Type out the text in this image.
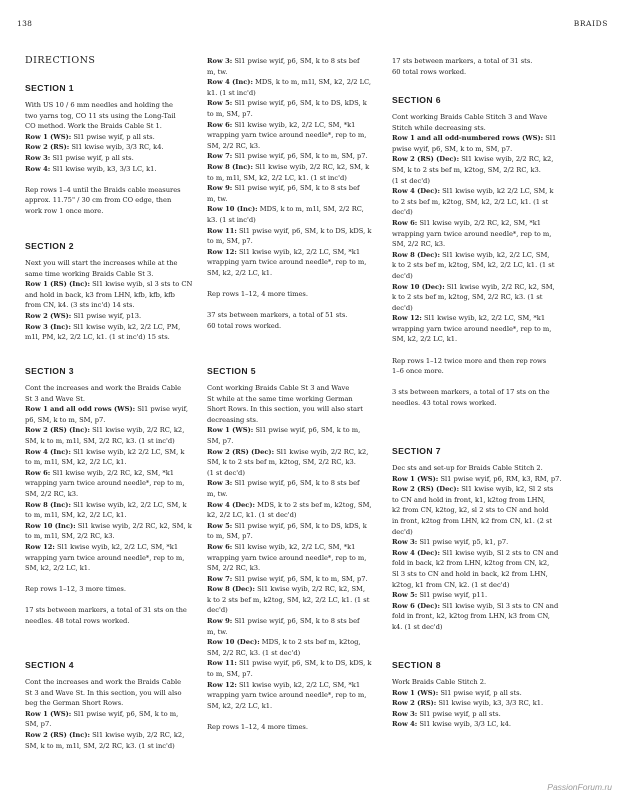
138	BRAIDS
DIRECTIONS
SECTION 1
With US 10 / 6 mm needles and holding the
two yarns tog, CO 11 sts using the Long-Tail
CO method. Work the Braids Cable St 1.
Row 1 (WS): Sl1 pwise wyif, p all sts.
Row 2 (RS): Sl1 kwise wyib, 3/3 RC, k4.
Row 3: Sl1 pwise wyif, p all sts.
Row 4: Sl1 kwise wyib, k3, 3/3 LC, k1.
Rep rows 1–4 until the Braids cable measures
approx. 11.75" / 30 cm from CO edge, then
work row 1 once more.
SECTION 2
Next you will start the increases while at the
same time working Braids Cable St 3.
Row 1 (RS) (Inc): Sl1 kwise wyib, sl 3 sts to CN
and hold in back, k3 from LHN, kfb, kfb, kfb
from CN, k4. (3 sts inc'd) 14 sts.
Row 2 (WS): Sl1 pwise wyif, p13.
Row 3 (Inc): Sl1 kwise wyib, k2, 2/2 LC, PM,
m1l, PM, k2, 2/2 LC, k1. (1 st inc'd) 15 sts.
SECTION 3
Cont the increases and work the Braids Cable
St 3 and Wave St.
Row 1 and all odd rows (WS): Sl1 pwise wyif,
p6, SM, k to m, SM, p7.
Row 2 (RS) (Inc): Sl1 kwise wyib, 2/2 RC, k2,
SM, k to m, m1l, SM, 2/2 RC, k3. (1 st inc'd)
Row 4 (Inc): Sl1 kwise wyib, k2 2/2 LC, SM, k
to m, m1l, SM, k2, 2/2 LC, k1.
Row 6: Sl1 kwise wyib, 2/2 RC, k2, SM, *k1
wrapping yarn twice around needle*, rep to m,
SM, 2/2 RC, k3.
Row 8 (Inc): Sl1 kwise wyib, k2, 2/2 LC, SM, k
to m, m1l, SM, k2, 2/2 LC, k1.
Row 10 (Inc): Sl1 kwise wyib, 2/2 RC, k2, SM, k
to m, m1l, SM, 2/2 RC, k3.
Row 12: Sl1 kwise wyib, k2, 2/2 LC, SM, *k1
wrapping yarn twice around needle*, rep to m,
SM, k2, 2/2 LC, k1.
Rep rows 1–12, 3 more times.
17 sts between markers, a total of 31 sts on the
needles. 48 total rows worked.
SECTION 4
Cont the increases and work the Braids Cable
St 3 and Wave St. In this section, you will also
beg the German Short Rows.
Row 1 (WS): Sl1 pwise wyif, p6, SM, k to m,
SM, p7.
Row 2 (RS) (Inc): Sl1 kwise wyib, 2/2 RC, k2,
SM, k to m, m1l, SM, 2/2 RC, k3. (1 st inc'd)
Row 3: Sl1 pwise wyif, p6, SM, k to 8 sts bef
m, tw.
Row 4 (Inc): MDS, k to m, m1l, SM, k2, 2/2 LC,
k1. (1 st inc'd)
Row 5: Sl1 pwise wyif, p6, SM, k to DS, kDS, k
to m, SM, p7.
Row 6: Sl1 kwise wyib, k2, 2/2 LC, SM, *k1
wrapping yarn twice around needle*, rep to m,
SM, 2/2 RC, k3.
Row 7: Sl1 pwise wyif, p6, SM, k to m, SM, p7.
Row 8 (Inc): Sl1 kwise wyib, 2/2 RC, k2, SM, k
to m, m1l, SM, k2, 2/2 LC, k1. (1 st inc'd)
Row 9: Sl1 pwise wyif, p6, SM, k to 8 sts bef
m, tw.
Row 10 (Inc): MDS, k to m, m1l, SM, 2/2 RC,
k3. (1 st inc'd)
Row 11: Sl1 pwise wyif, p6, SM, k to DS, kDS, k
to m, SM, p7.
Row 12: Sl1 kwise wyib, k2, 2/2 LC, SM, *k1
wrapping yarn twice around needle*, rep to m,
SM, k2, 2/2 LC, k1.
Rep rows 1–12, 4 more times.
37 sts between markers, a total of 51 sts.
60 total rows worked.
SECTION 5
Cont working Braids Cable St 3 and Wave
St while at the same time working German
Short Rows. In this section, you will also start
decreasing sts.
Row 1 (WS): Sl1 pwise wyif, p6, SM, k to m,
SM, p7.
Row 2 (RS) (Dec): Sl1 kwise wyib, 2/2 RC, k2,
SM, k to 2 sts bef m, k2tog, SM, 2/2 RC, k3.
(1 st dec'd)
Row 3: Sl1 pwise wyif, p6, SM, k to 8 sts bef
m, tw.
Row 4 (Dec): MDS, k to 2 sts bef m, k2tog, SM,
k2, 2/2 LC, k1. (1 st dec'd)
Row 5: Sl1 pwise wyif, p6, SM, k to DS, kDS, k
to m, SM, p7.
Row 6: Sl1 kwise wyib, k2, 2/2 LC, SM, *k1
wrapping yarn twice around needle*, rep to m,
SM, 2/2 RC, k3.
Row 7: Sl1 pwise wyif, p6, SM, k to m, SM, p7.
Row 8 (Dec): Sl1 kwise wyib, 2/2 RC, k2, SM,
k to 2 sts bef m, k2tog, SM, k2, 2/2 LC, k1. (1 st
dec'd)
Row 9: Sl1 pwise wyif, p6, SM, k to 8 sts bef
m, tw.
Row 10 (Dec): MDS, k to 2 sts bef m, k2tog,
SM, 2/2 RC, k3. (1 st dec'd)
Row 11: Sl1 pwise wyif, p6, SM, k to DS, kDS, k
to m, SM, p7.
Row 12: Sl1 kwise wyib, k2, 2/2 LC, SM, *k1
wrapping yarn twice around needle*, rep to m,
SM, k2, 2/2 LC, k1.
Rep rows 1–12, 4 more times.
17 sts between markers, a total of 31 sts.
60 total rows worked.
SECTION 6
Cont working Braids Cable Stitch 3 and Wave
Stitch while decreasing sts.
Row 1 and all odd-numbered rows (WS): Sl1
pwise wyif, p6, SM, k to m, SM, p7.
Row 2 (RS) (Dec): Sl1 kwise wyib, 2/2 RC, k2,
SM, k to 2 sts bef m, k2tog, SM, 2/2 RC, k3.
(1 st dec'd)
Row 4 (Dec): Sl1 kwise wyib, k2 2/2 LC, SM, k
to 2 sts bef m, k2tog, SM, k2, 2/2 LC, k1. (1 st
dec'd)
Row 6: Sl1 kwise wyib, 2/2 RC, k2, SM, *k1
wrapping yarn twice around needle*, rep to m,
SM, 2/2 RC, k3.
Row 8 (Dec): Sl1 kwise wyib, k2, 2/2 LC, SM,
k to 2 sts bef m, k2tog, SM, k2, 2/2 LC, k1. (1 st
dec'd)
Row 10 (Dec): Sl1 kwise wyib, 2/2 RC, k2, SM,
k to 2 sts bef m, k2tog, SM, 2/2 RC, k3. (1 st
dec'd)
Row 12: Sl1 kwise wyib, k2, 2/2 LC, SM, *k1
wrapping yarn twice around needle*, rep to m,
SM, k2, 2/2 LC, k1.
Rep rows 1–12 twice more and then rep rows
1–6 once more.
3 sts between markers, a total of 17 sts on the
needles. 43 total rows worked.
SECTION 7
Dec sts and set-up for Braids Cable Stitch 2.
Row 1 (WS): Sl1 pwise wyif, p6, RM, k3, RM, p7.
Row 2 (RS) (Dec): Sl1 kwise wyib, k2, Sl 2 sts
to CN and hold in front, k1, k2tog from LHN,
k2 from CN, k2tog, k2, sl 2 sts to CN and hold
in front, k2tog from LHN, k2 from CN, k1. (2 st
dec'd)
Row 3: Sl1 pwise wyif, p5, k1, p7.
Row 4 (Dec): Sl1 kwise wyib, Sl 2 sts to CN and
fold in back, k2 from LHN, k2tog from CN, k2,
Sl 3 sts to CN and hold in back, k2 from LHN,
k2tog, k1 from CN, k2. (1 st dec'd)
Row 5: Sl1 pwise wyif, p11.
Row 6 (Dec): Sl1 kwise wyib, Sl 3 sts to CN and
fold in front, k2, k2tog from LHN, k3 from CN,
k4. (1 st dec'd)
SECTION 8
Work Braids Cable Stitch 2.
Row 1 (WS): Sl1 pwise wyif, p all sts.
Row 2 (RS): Sl1 kwise wyib, k3, 3/3 RC, k1.
Row 3: Sl1 pwise wyif, p all sts.
Row 4: Sl1 kwise wyib, 3/3 LC, k4.
PassionForum.ru
